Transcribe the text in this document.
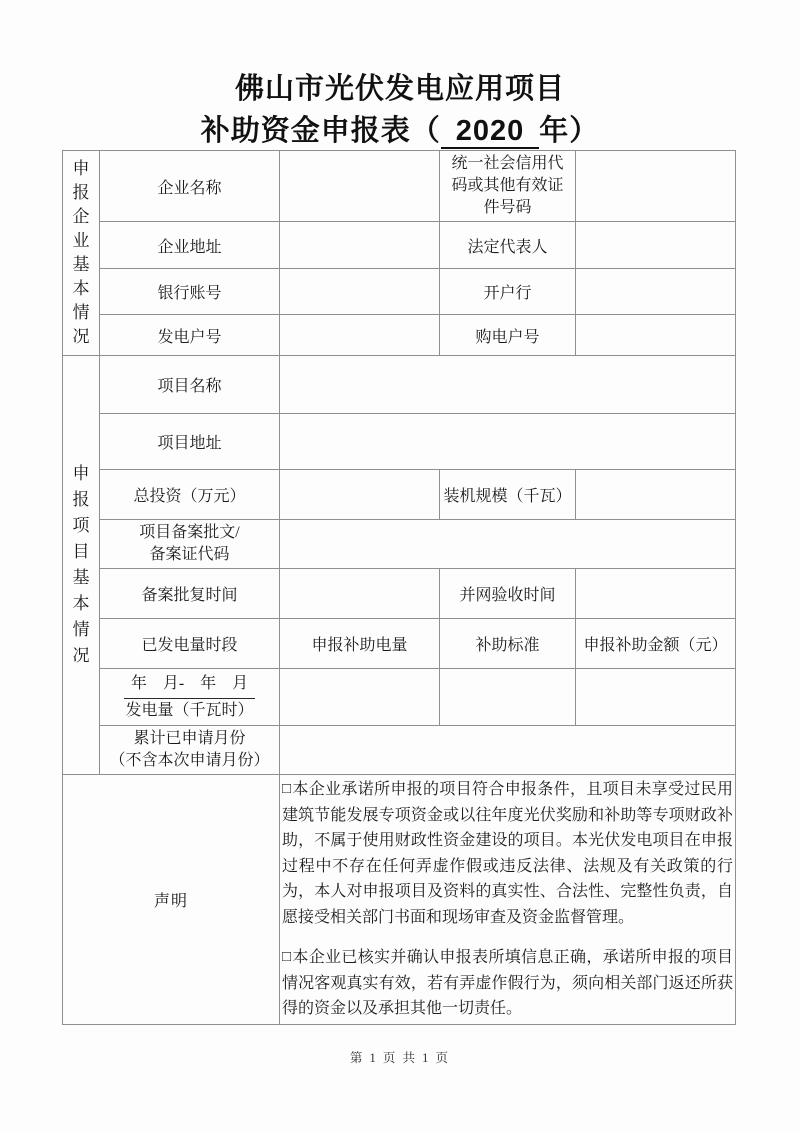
佛山市光伏发电应用项目
补助资金申报表（ 2020 年）
申报企业基本情况	企业名称		统一社会信用代
码或其他有效证
件号码	

	企业地址		法定代表人	
	银行账号		开户行	
	发电户号		购电户号	

申报项目基本情况	项目名称			
	项目地址			
	总投资（万元）		装机规模（千瓦）	

	项目备案批文/
备案证代码			

	备案批复时间		并网验收时间	
	已发电量时段	申报补助电量	补助标准	申报补助金额（元）

	年　月-　年　月
发电量（千瓦时）			

	累计已申请月份
（不含本次申请月份）			

声明		□本企业承诺所申报的项目符合申报条件，且项目未享受过民用建筑节能发展专项资金或以往年度光伏奖励和补助等专项财政补助，不属于使用财政性资金建设的项目。本光伏发电项目在申报过程中不存在任何弄虚作假或违反法律、法规及有关政策的行为，本人对申报项目及资料的真实性、合法性、完整性负责，自愿接受相关部门书面和现场审查及资金监督管理。

□本企业已核实并确认申报表所填信息正确，承诺所申报的项目情况客观真实有效，若有弄虚作假行为，须向相关部门返还所获得的资金以及承担其他一切责任。		

第 1 页 共 1 页
